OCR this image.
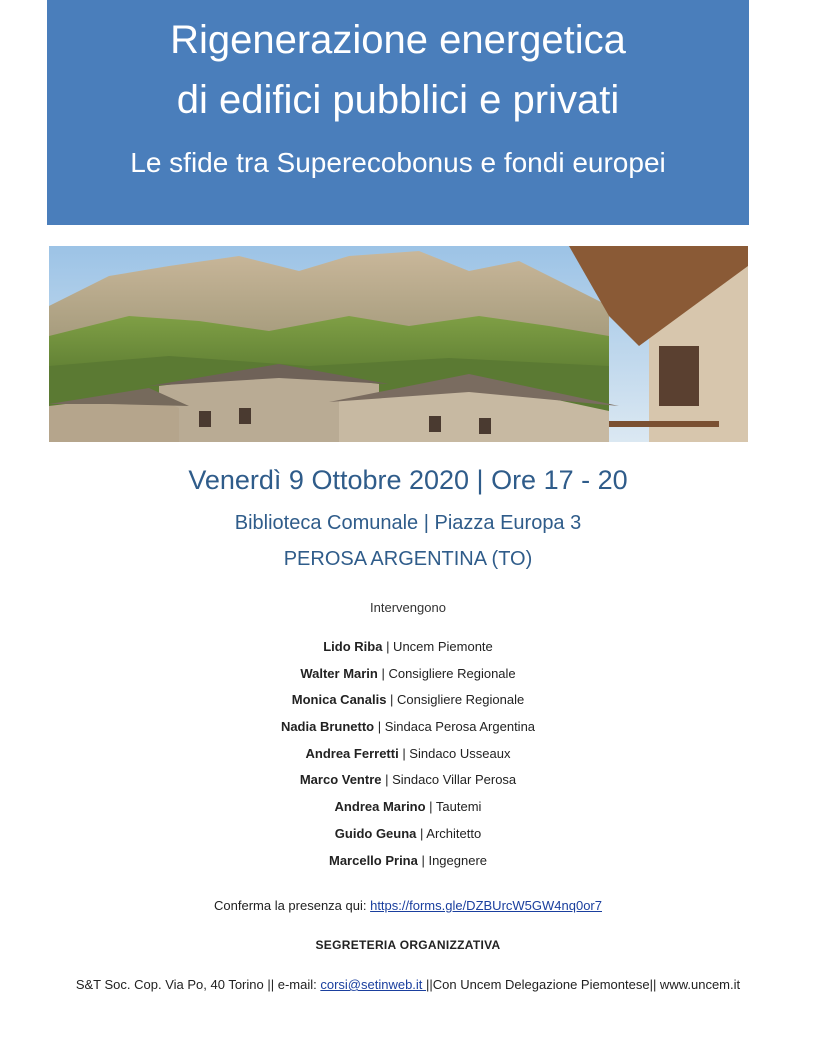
Rigenerazione energetica
di edifici pubblici e privati
Le sfide tra Superecobonus e fondi europei
Venerdì 9 Ottobre 2020 | Ore 17 - 20
Biblioteca Comunale | Piazza Europa 3
PEROSA ARGENTINA (TO)
Intervengono
Lido Riba | Uncem Piemonte
Walter Marin | Consigliere Regionale
Monica Canalis | Consigliere Regionale
Nadia Brunetto | Sindaca Perosa Argentina
Andrea Ferretti | Sindaco Usseaux
Marco Ventre | Sindaco Villar Perosa
Andrea Marino | Tautemi
Guido Geuna | Architetto
Marcello Prina | Ingegnere
Conferma la presenza qui: https://forms.gle/DZBUrcW5GW4nq0or7
SEGRETERIA ORGANIZZATIVA
S&T Soc. Cop. Via Po, 40 Torino || e-mail: corsi@setinweb.it ||Con Uncem Delegazione Piemontese|| www.uncem.it
